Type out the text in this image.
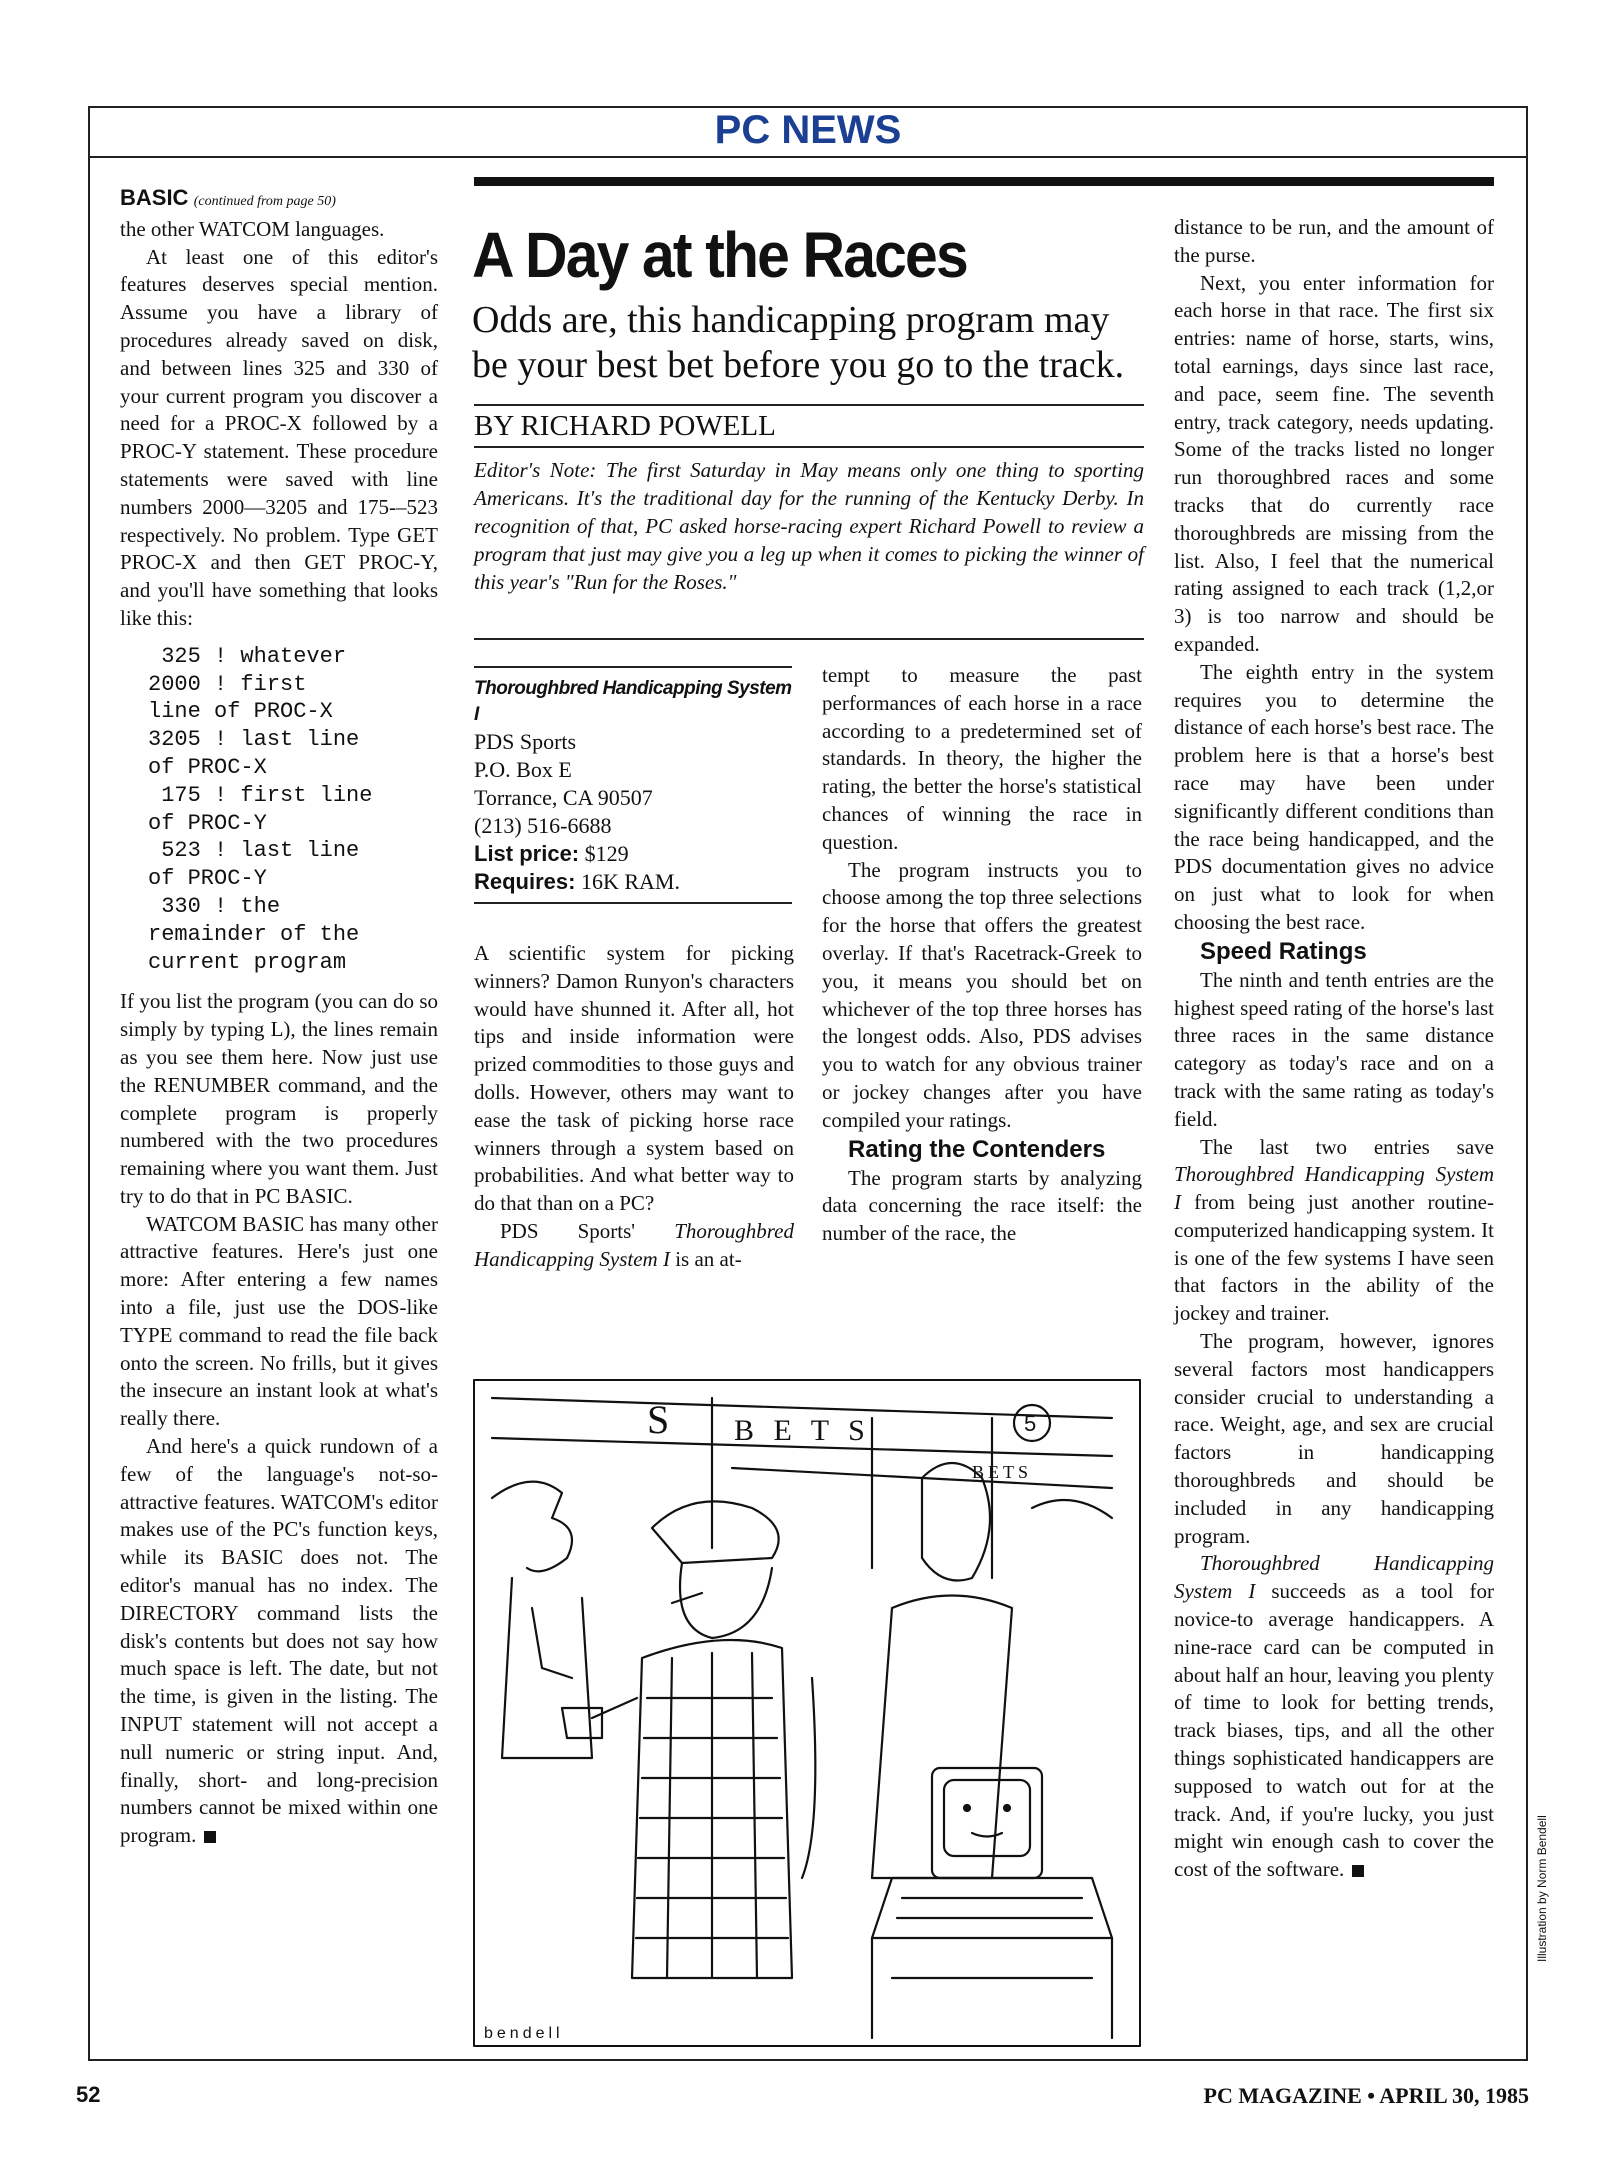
PC NEWS

BASIC (continued from page 50)

the other WATCOM languages.

At least one of this editor's features deserves special mention. Assume you have a library of procedures already saved on disk, and between lines 325 and 330 of your current program you discover a need for a PROC-X followed by a PROC-Y statement. These procedure statements were saved with line numbers 2000—3205 and 175-–523 respectively. No problem. Type GET PROC-X and then GET PROC-Y, and you'll have something that looks like this:

325 ! whatever
2000 ! first
line of PROC-X
3205 ! last line
of PROC-X
175 ! first line
of PROC-Y
523 ! last line
of PROC-Y
330 ! the
remainder of the
current program

If you list the program (you can do so simply by typing L), the lines remain as you see them here. Now just use the RENUMBER command, and the complete program is properly numbered with the two procedures remaining where you want them. Just try to do that in PC BASIC.

WATCOM BASIC has many other attractive features. Here's just one more: After entering a few names into a file, just use the DOS-like TYPE command to read the file back onto the screen. No frills, but it gives the insecure an instant look at what's really there.

And here's a quick rundown of a few of the language's not-so-attractive features. WATCOM's editor makes use of the PC's function keys, while its BASIC does not. The editor's manual has no index. The DIRECTORY command lists the disk's contents but does not say how much space is left. The date, but not the time, is given in the listing. The INPUT statement will not accept a null numeric or string input. And, finally, short- and long-precision numbers cannot be mixed within one program.

A Day at the Races
Odds are, this handicapping program may be your best bet before you go to the track.
BY RICHARD POWELL
Editor's Note: The first Saturday in May means only one thing to sporting Americans. It's the traditional day for the running of the Kentucky Derby. In recognition of that, PC asked horse-racing expert Richard Powell to review a program that just may give you a leg up when it comes to picking the winner of this year's "Run for the Roses."
Thoroughbred Handicapping System I
PDS Sports
P.O. Box E
Torrance, CA 90507
(213) 516-6688
List price: $129
Requires: 16K RAM.

A scientific system for picking winners? Damon Runyon's characters would have shunned it. After all, hot tips and inside information were prized commodities to those guys and dolls. However, others may want to ease the task of picking horse race winners through a system based on probabilities. And what better way to do that than on a PC?

PDS Sports' Thoroughbred Handicapping System I is an at-

tempt to measure the past performances of each horse in a race according to a predetermined set of standards. In theory, the higher the rating, the better the horse's statistical chances of winning the race in question.

The program instructs you to choose among the top three selections for the horse that offers the greatest overlay. If that's Racetrack-Greek to you, it means you should bet on whichever of the top three horses has the longest odds. Also, PDS advises you to watch for any obvious trainer or jockey changes after you have compiled your ratings.

Rating the Contenders

The program starts by analyzing data concerning the race itself: the number of the race, the

distance to be run, and the amount of the purse.

Next, you enter information for each horse in that race. The first six entries: name of horse, starts, wins, total earnings, days since last race, and pace, seem fine. The seventh entry, track category, needs updating. Some of the tracks listed no longer run thoroughbred races and some tracks that do currently race thoroughbreds are missing from the list. Also, I feel that the numerical rating assigned to each track (1,2,or 3) is too narrow and should be expanded.

The eighth entry in the system requires you to determine the distance of each horse's best race. The problem here is that a horse's best race may have been under significantly different conditions than the race being handicapped, and the PDS documentation gives no advice on just what to look for when choosing the best race.

Speed Ratings

The ninth and tenth entries are the highest speed rating of the horse's last three races in the same distance category as today's race and on a track with the same rating as today's field.

The last two entries save Thoroughbred Handicapping System I from being just another routine-computerized handicapping system. It is one of the few systems I have seen that factors in the ability of the jockey and trainer.

The program, however, ignores several factors most handicappers consider crucial to understanding a race. Weight, age, and sex are crucial factors in handicapping thoroughbreds and should be included in any handicapping program.

Thoroughbred Handicapping System I succeeds as a tool for novice-to average handicappers. A nine-race card can be computed in about half an hour, leaving you plenty of time to look for betting trends, track biases, tips, and all the other things sophisticated handicappers are supposed to watch out for at the track. And, if you're lucky, you just might win enough cash to cover the cost of the software.

S B E T S
BETS
5
bendell
52	PC MAGAZINE • APRIL 30, 1985
Illustration by Norm Bendell
